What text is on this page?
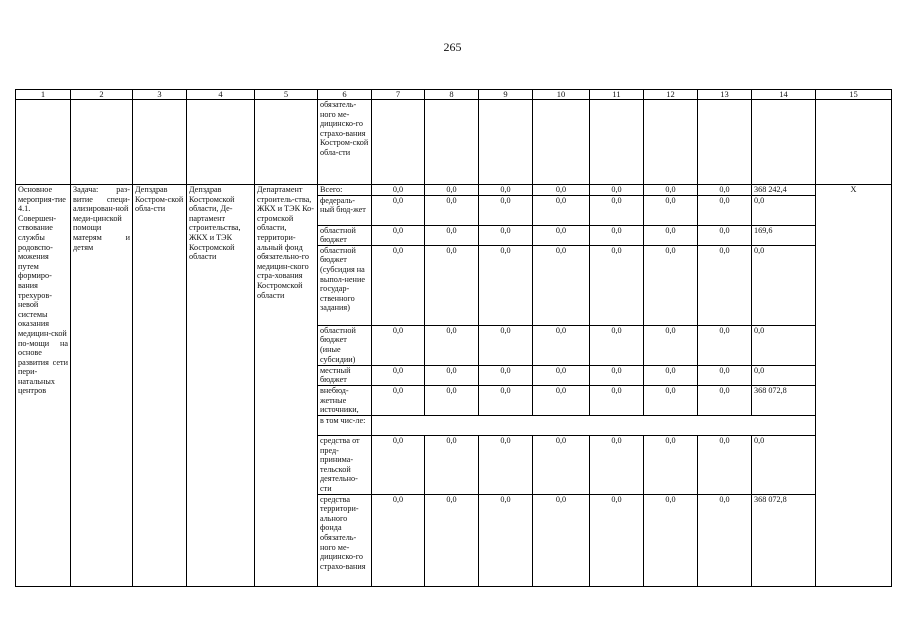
265
1	2	3	4	5	6	7	8	9	10	11	12	13	14	15
					обязатель-ного ме-дицинско-го страхо-вания Костром-ской обла-сти									
Основное мероприя-тие 4.1. Совершен-ствование службы родовспо-можения путем формиро-вания трехуров-невой системы оказания медицин-ской по-мощи на основе развития сети пери-натальных центров	Задача: раз-витие специ-ализирован-ной меди-цинской помощи матерям и детям	Депздрав Костром-ской обла-сти	Депздрав Костромской области, Де-партамент строительства, ЖКХ и ТЭК Костромской области	Департамент строитель-ства, ЖКХ и ТЭК Ко-стромской области, территори-альный фонд обязательно-го медицин-ского стра-хования Костромской области	Всего:	0,0	0,0	0,0	0,0	0,0	0,0	0,0	368 242,4	Х
					федераль-ный бюд-жет	0,0	0,0	0,0	0,0	0,0	0,0	0,0	0,0	
					областной бюджет	0,0	0,0	0,0	0,0	0,0	0,0	0,0	169,6	
					областной бюджет (субсидия на выпол-нение государ-ственного задания)	0,0	0,0	0,0	0,0	0,0	0,0	0,0	0,0	
					областной бюджет (иные субсидии)	0,0	0,0	0,0	0,0	0,0	0,0	0,0	0,0	
					местный бюджет	0,0	0,0	0,0	0,0	0,0	0,0	0,0	0,0	
					внебюд-жетные источники,	0,0	0,0	0,0	0,0	0,0	0,0	0,0	368 072,8	
					в том чис-ле:									
					средства от пред-принима-тельской деятельно-сти	0,0	0,0	0,0	0,0	0,0	0,0	0,0	0,0	
					средства территори-ального фонда обязатель-ного ме-дицинско-го страхо-вания	0,0	0,0	0,0	0,0	0,0	0,0	0,0	368 072,8	
